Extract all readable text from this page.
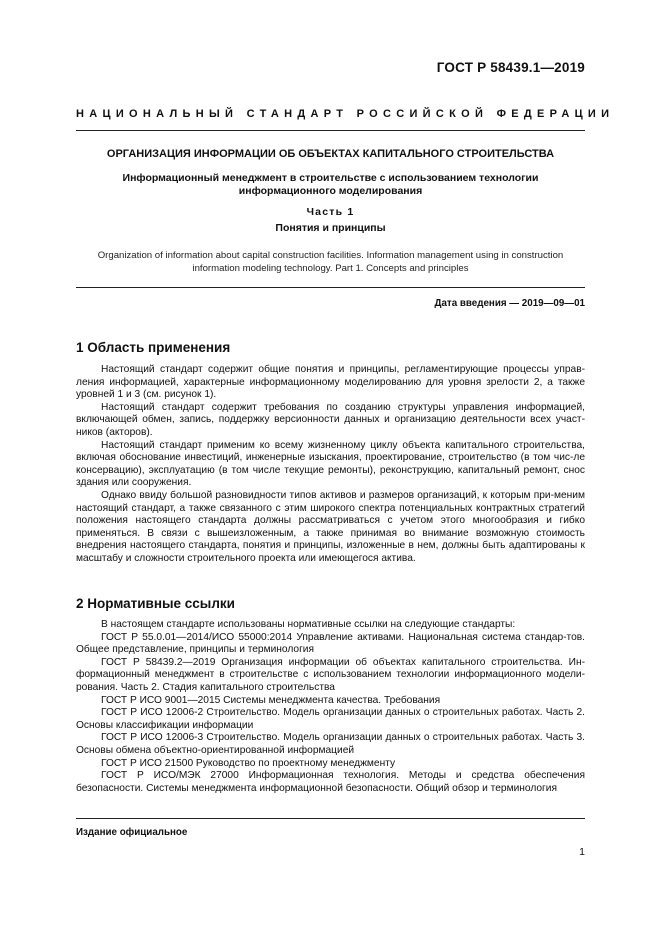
ГОСТ Р 58439.1—2019
НАЦИОНАЛЬНЫЙ СТАНДАРТ РОССИЙСКОЙ ФЕДЕРАЦИИ
ОРГАНИЗАЦИЯ ИНФОРМАЦИИ ОБ ОБЪЕКТАХ КАПИТАЛЬНОГО СТРОИТЕЛЬСТВА
Информационный менеджмент в строительстве с использованием технологии
информационного моделирования
Часть 1
Понятия и принципы
Organization of information about capital construction facilities. Information management using in construction
information modeling technology. Part 1. Concepts and principles
Дата введения — 2019—09—01
1 Область применения

Настоящий стандарт содержит общие понятия и принципы, регламентирующие процессы управ-ления информацией, характерные информационному моделированию для уровня зрелости 2, а также уровней 1 и 3 (см. рисунок 1).

Настоящий стандарт содержит требования по созданию структуры управления информацией, включающей обмен, запись, поддержку версионности данных и организацию деятельности всех участ-ников (акторов).

Настоящий стандарт применим ко всему жизненному циклу объекта капитального строительства, включая обоснование инвестиций, инженерные изыскания, проектирование, строительство (в том чис-ле консервацию), эксплуатацию (в том числе текущие ремонты), реконструкцию, капитальный ремонт, снос здания или сооружения.

Однако ввиду большой разновидности типов активов и размеров организаций, к которым при-меним настоящий стандарт, а также связанного с этим широкого спектра потенциальных контрактных стратегий положения настоящего стандарта должны рассматриваться с учетом этого многообразия и гибко применяться. В связи с вышеизложенным, а также принимая во внимание возможную стоимость внедрения настоящего стандарта, понятия и принципы, изложенные в нем, должны быть адаптированы к масштабу и сложности строительного проекта или имеющегося актива.

2 Нормативные ссылки

В настоящем стандарте использованы нормативные ссылки на следующие стандарты:

ГОСТ Р 55.0.01—2014/ИСО 55000:2014 Управление активами. Национальная система стандар-тов. Общее представление, принципы и терминология

ГОСТ Р 58439.2—2019 Организация информации об объектах капитального строительства. Ин-формационный менеджмент в строительстве с использованием технологии информационного модели-рования. Часть 2. Стадия капитального строительства

ГОСТ Р ИСО 9001—2015 Системы менеджмента качества. Требования

ГОСТ Р ИСО 12006-2 Строительство. Модель организации данных о строительных работах. Часть 2. Основы классификации информации

ГОСТ Р ИСО 12006-3 Строительство. Модель организации данных о строительных работах. Часть 3. Основы обмена объектно-ориентированной информацией

ГОСТ Р ИСО 21500 Руководство по проектному менеджменту

ГОСТ Р ИСО/МЭК 27000 Информационная технология. Методы и средства обеспечения безопасности. Системы менеджмента информационной безопасности. Общий обзор и терминология

Издание официальное
1
